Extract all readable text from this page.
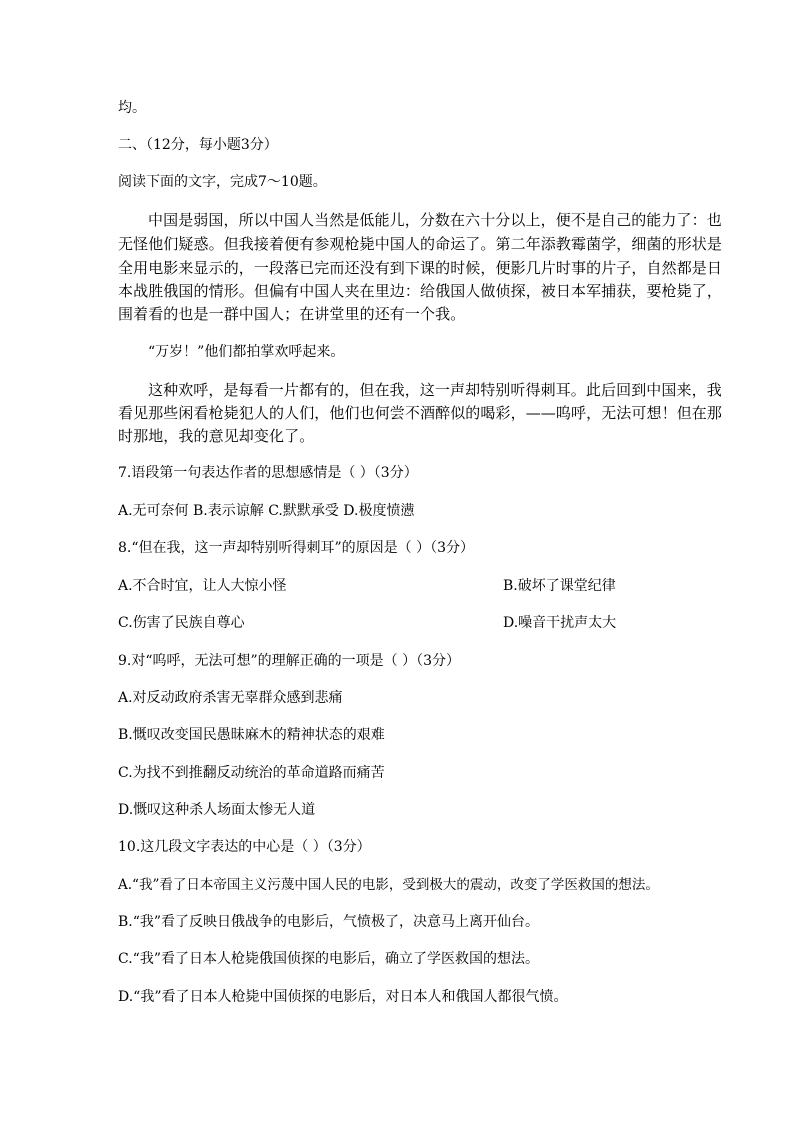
均。
二、（12分，每小题3分）
阅读下面的文字，完成7～10题。
中国是弱国，所以中国人当然是低能儿，分数在六十分以上，便不是自己的能力了：也
无怪他们疑惑。但我接着便有参观枪毙中国人的命运了。第二年添教霉菌学，细菌的形状是
全用电影来显示的，一段落已完而还没有到下课的时候，便影几片时事的片子，自然都是日
本战胜俄国的情形。但偏有中国人夹在里边：给俄国人做侦探，被日本军捕获，要枪毙了，
围着看的也是一群中国人；在讲堂里的还有一个我。
“万岁！”他们都拍掌欢呼起来。
这种欢呼，是每看一片都有的，但在我，这一声却特别听得刺耳。此后回到中国来，我
看见那些闲看枪毙犯人的人们，他们也何尝不酒醉似的喝彩，——呜呼，无法可想！但在那
时那地，我的意见却变化了。
7.语段第一句表达作者的思想感情是（ ）（3分）
A.无可奈何 B.表示谅解 C.默默承受 D.极度愤懑
8.“但在我，这一声却特别听得刺耳”的原因是（ ）（3分）
A.不合时宜，让人大惊小怪	B.破坏了课堂纪律
C.伤害了民族自尊心	D.噪音干扰声太大
9.对“呜呼，无法可想”的理解正确的一项是（ ）（3分）
A.对反动政府杀害无辜群众感到悲痛
B.慨叹改变国民愚昧麻木的精神状态的艰难
C.为找不到推翻反动统治的革命道路而痛苦
D.慨叹这种杀人场面太惨无人道
10.这几段文字表达的中心是（ ）（3分）
A.“我”看了日本帝国主义污蔑中国人民的电影，受到极大的震动，改变了学医救国的想法。
B.“我”看了反映日俄战争的电影后，气愤极了，决意马上离开仙台。
C.“我”看了日本人枪毙俄国侦探的电影后，确立了学医救国的想法。
D.“我”看了日本人枪毙中国侦探的电影后，对日本人和俄国人都很气愤。
